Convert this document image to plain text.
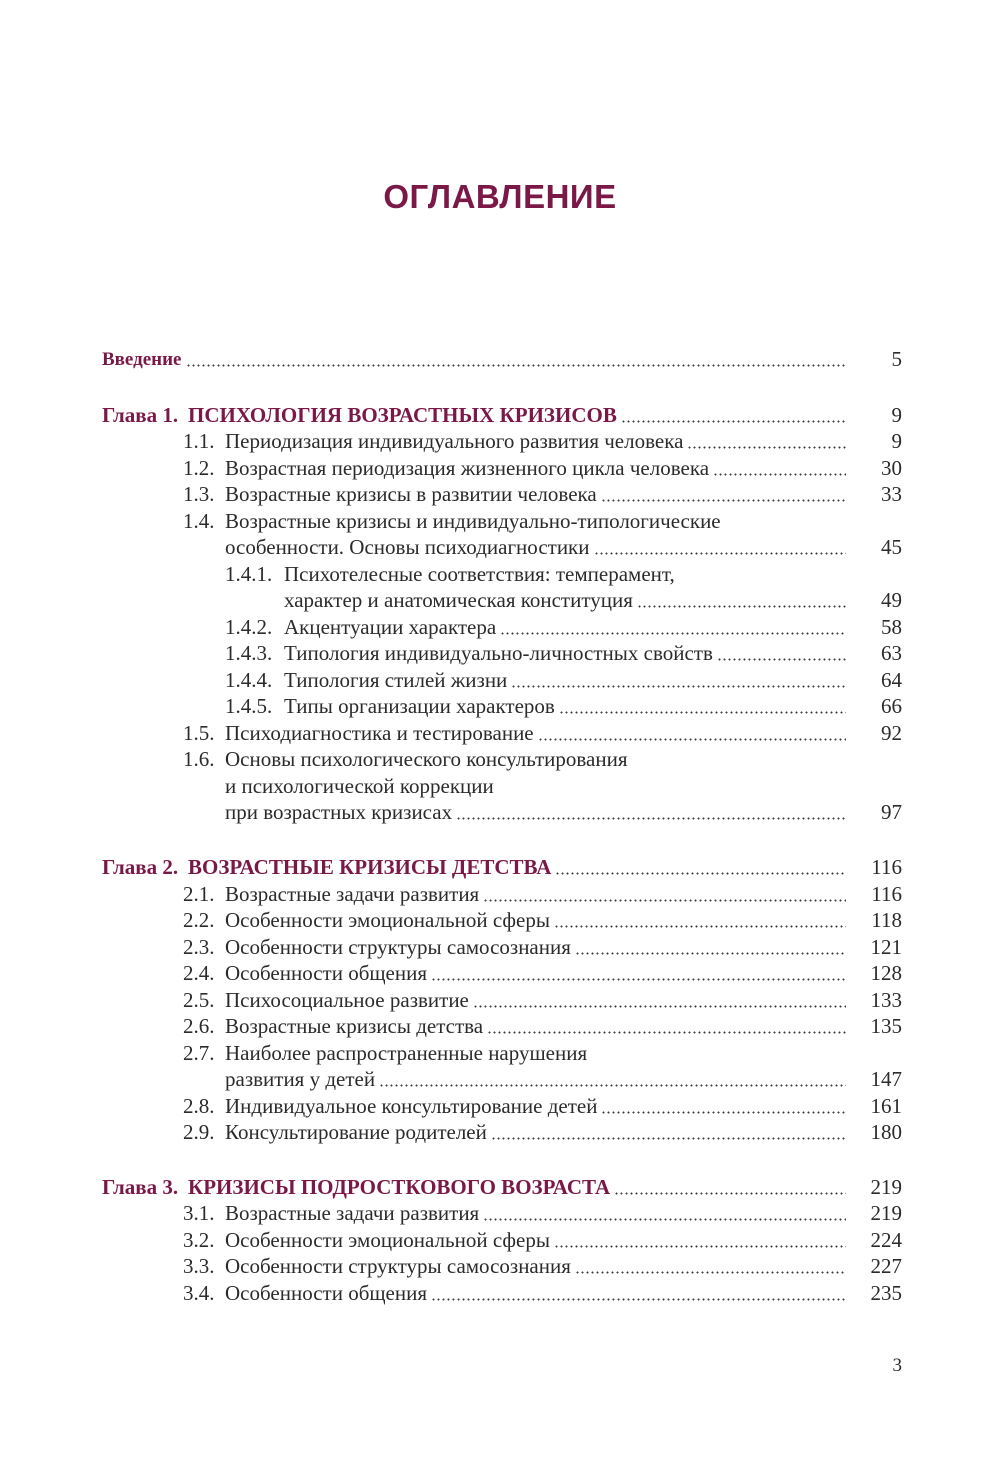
ОГЛАВЛЕНИЕ
Введение	5
Глава 1. ПСИХОЛОГИЯ ВОЗРАСТНЫХ КРИЗИСОВ	9
1.1. Периодизация индивидуального развития человека	9
1.2. Возрастная периодизация жизненного цикла человека	30
1.3. Возрастные кризисы в развитии человека	33
1.4. Возрастные кризисы и индивидуально-типологические
особенности. Основы психодиагностики	45
1.4.1. Психотелесные соответствия: темперамент,
характер и анатомическая конституция	49
1.4.2. Акцентуации характера	58
1.4.3. Типология индивидуально-личностных свойств	63
1.4.4. Типология стилей жизни	64
1.4.5. Типы организации характеров	66
1.5. Психодиагностика и тестирование	92
1.6. Основы психологического консультирования
и психологической коррекции
при возрастных кризисах	97
Глава 2. ВОЗРАСТНЫЕ КРИЗИСЫ ДЕТСТВА	116
2.1. Возрастные задачи развития	116
2.2. Особенности эмоциональной сферы	118
2.3. Особенности структуры самосознания	121
2.4. Особенности общения	128
2.5. Психосоциальное развитие	133
2.6. Возрастные кризисы детства	135
2.7. Наиболее распространенные нарушения
развития у детей	147
2.8. Индивидуальное консультирование детей	161
2.9. Консультирование родителей	180
Глава 3. КРИЗИСЫ ПОДРОСТКОВОГО ВОЗРАСТА	219
3.1. Возрастные задачи развития	219
3.2. Особенности эмоциональной сферы	224
3.3. Особенности структуры самосознания	227
3.4. Особенности общения	235
3
